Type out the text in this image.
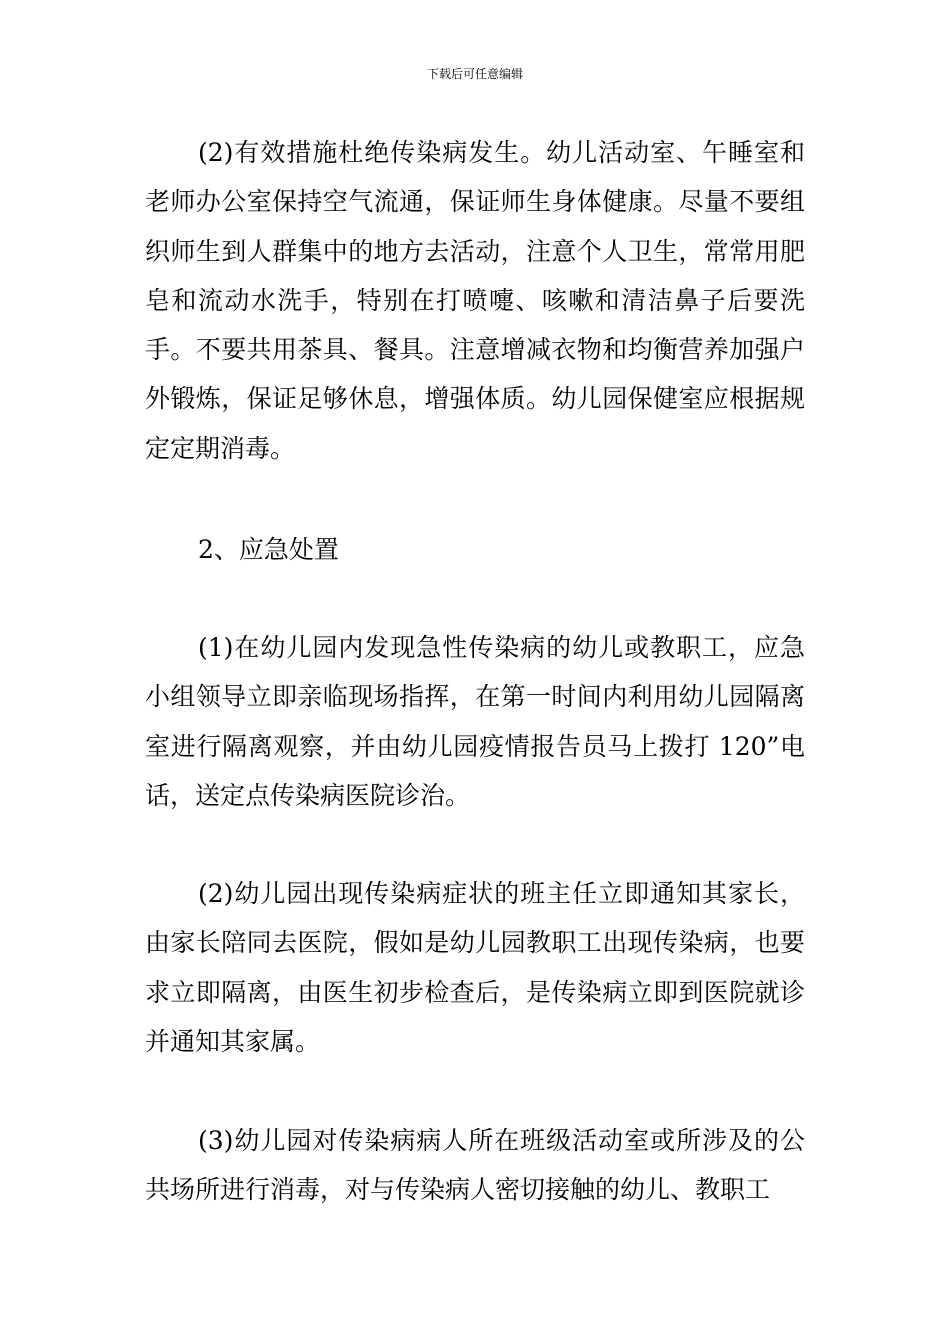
下载后可任意编辑

(2)有效措施杜绝传染病发生。幼儿活动室、午睡室和老师办公室保持空气流通，保证师生身体健康。尽量不要组织师生到人群集中的地方去活动，注意个人卫生，常常用肥皂和流动水洗手，特别在打喷嚏、咳嗽和清洁鼻子后要洗手。不要共用茶具、餐具。注意增减衣物和均衡营养加强户外锻炼，保证足够休息，增强体质。幼儿园保健室应根据规定定期消毒。

2、应急处置

(1)在幼儿园内发现急性传染病的幼儿或教职工，应急小组领导立即亲临现场指挥，在第一时间内利用幼儿园隔离室进行隔离观察，并由幼儿园疫情报告员马上拨打 120”电话，送定点传染病医院诊治。

(2)幼儿园出现传染病症状的班主任立即通知其家长，由家长陪同去医院，假如是幼儿园教职工出现传染病，也要求立即隔离，由医生初步检查后，是传染病立即到医院就诊并通知其家属。

(3)幼儿园对传染病病人所在班级活动室或所涉及的公共场所进行消毒，对与传染病人密切接触的幼儿、教职工
